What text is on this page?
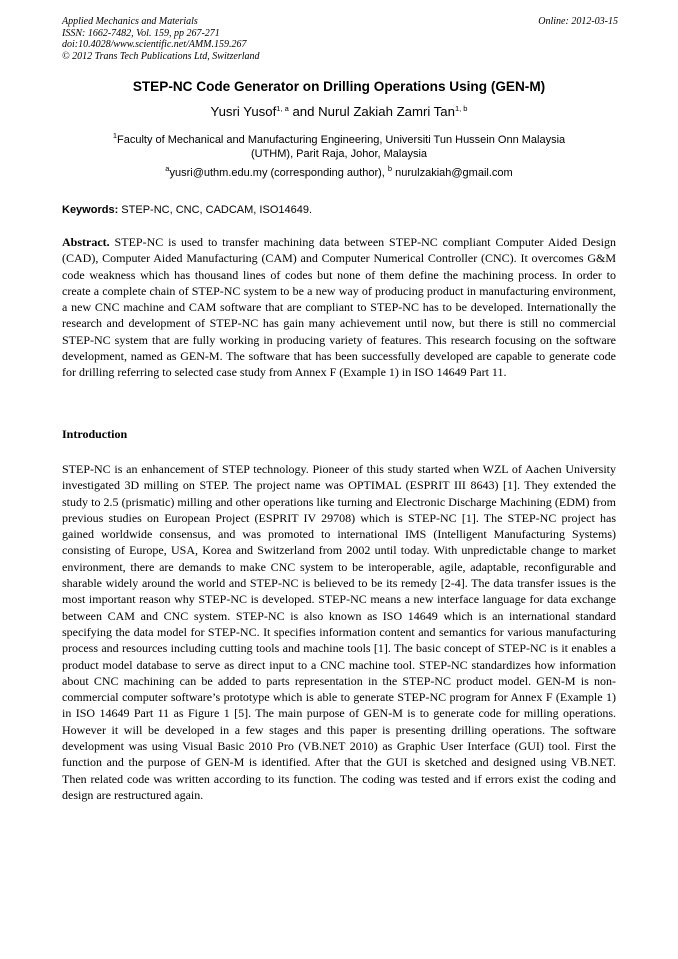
Applied Mechanics and Materials
ISSN: 1662-7482, Vol. 159, pp 267-271
doi:10.4028/www.scientific.net/AMM.159.267
© 2012 Trans Tech Publications Ltd, Switzerland
Online: 2012-03-15
STEP-NC Code Generator on Drilling Operations Using (GEN-M)
Yusri Yusof$^{1, a}$ and Nurul Zakiah Zamri Tan$^{1, b}$
$^1$Faculty of Mechanical and Manufacturing Engineering, Universiti Tun Hussein Onn Malaysia
(UTHM), Parit Raja, Johor, Malaysia
$^a$yusri@uthm.edu.my (corresponding author), $^b$ nurulzakiah@gmail.com
Keywords: STEP-NC, CNC, CADCAM, ISO14649.
Abstract. STEP-NC is used to transfer machining data between STEP-NC compliant Computer Aided Design (CAD), Computer Aided Manufacturing (CAM) and Computer Numerical Controller (CNC). It overcomes G&M code weakness which has thousand lines of codes but none of them define the machining process. In order to create a complete chain of STEP-NC system to be a new way of producing product in manufacturing environment, a new CNC machine and CAM software that are compliant to STEP-NC has to be developed. Internationally the research and development of STEP-NC has gain many achievement until now, but there is still no commercial STEP-NC system that are fully working in producing variety of features. This research focusing on the software development, named as GEN-M. The software that has been successfully developed are capable to generate code for drilling referring to selected case study from Annex F (Example 1) in ISO 14649 Part 11.
Introduction
STEP-NC is an enhancement of STEP technology. Pioneer of this study started when WZL of Aachen University investigated 3D milling on STEP. The project name was OPTIMAL (ESPRIT III 8643) [1]. They extended the study to 2.5 (prismatic) milling and other operations like turning and Electronic Discharge Machining (EDM) from previous studies on European Project (ESPRIT IV 29708) which is STEP-NC [1]. The STEP-NC project has gained worldwide consensus, and was promoted to international IMS (Intelligent Manufacturing Systems) consisting of Europe, USA, Korea and Switzerland from 2002 until today. With unpredictable change to market environment, there are demands to make CNC system to be interoperable, agile, adaptable, reconfigurable and sharable widely around the world and STEP-NC is believed to be its remedy [2-4]. The data transfer issues is the most important reason why STEP-NC is developed. STEP-NC means a new interface language for data exchange between CAM and CNC system. STEP-NC is also known as ISO 14649 which is an international standard specifying the data model for STEP-NC. It specifies information content and semantics for various manufacturing process and resources including cutting tools and machine tools [1]. The basic concept of STEP-NC is it enables a product model database to serve as direct input to a CNC machine tool. STEP-NC standardizes how information about CNC machining can be added to parts representation in the STEP-NC product model. GEN-M is non-commercial computer software’s prototype which is able to generate STEP-NC program for Annex F (Example 1) in ISO 14649 Part 11 as Figure 1 [5]. The main purpose of GEN-M is to generate code for milling operations. However it will be developed in a few stages and this paper is presenting drilling operations. The software development was using Visual Basic 2010 Pro (VB.NET 2010) as Graphic User Interface (GUI) tool. First the function and the purpose of GEN-M is identified. After that the GUI is sketched and designed using VB.NET. Then related code was written according to its function. The coding was tested and if errors exist the coding and design are restructured again.
